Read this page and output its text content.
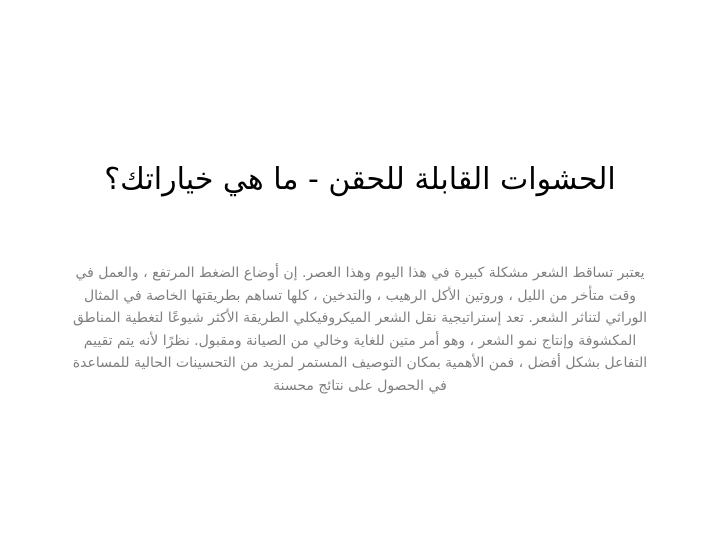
الحشوات القابلة للحقن - ما هي خياراتك؟

يعتبر تساقط الشعر مشكلة كبيرة في هذا اليوم وهذا العصر. إن أوضاع الضغط المرتفع ، والعمل في وقت متأخر من الليل ، وروتين الأكل الرهيب ، والتدخين ، كلها تساهم بطريقتها الخاصة في المثال الوراثي لتناثر الشعر. تعد إستراتيجية نقل الشعر الميكروفيكلي الطريقة الأكثر شيوعًا لتغطية المناطق المكشوفة وإنتاج نمو الشعر ، وهو أمر متين للغاية وخالي من الصيانة ومقبول. نظرًا لأنه يتم تقييم التفاعل بشكل أفضل ، فمن الأهمية بمكان التوصيف المستمر لمزيد من التحسينات الحالية للمساعدة في الحصول على نتائج محسنة
